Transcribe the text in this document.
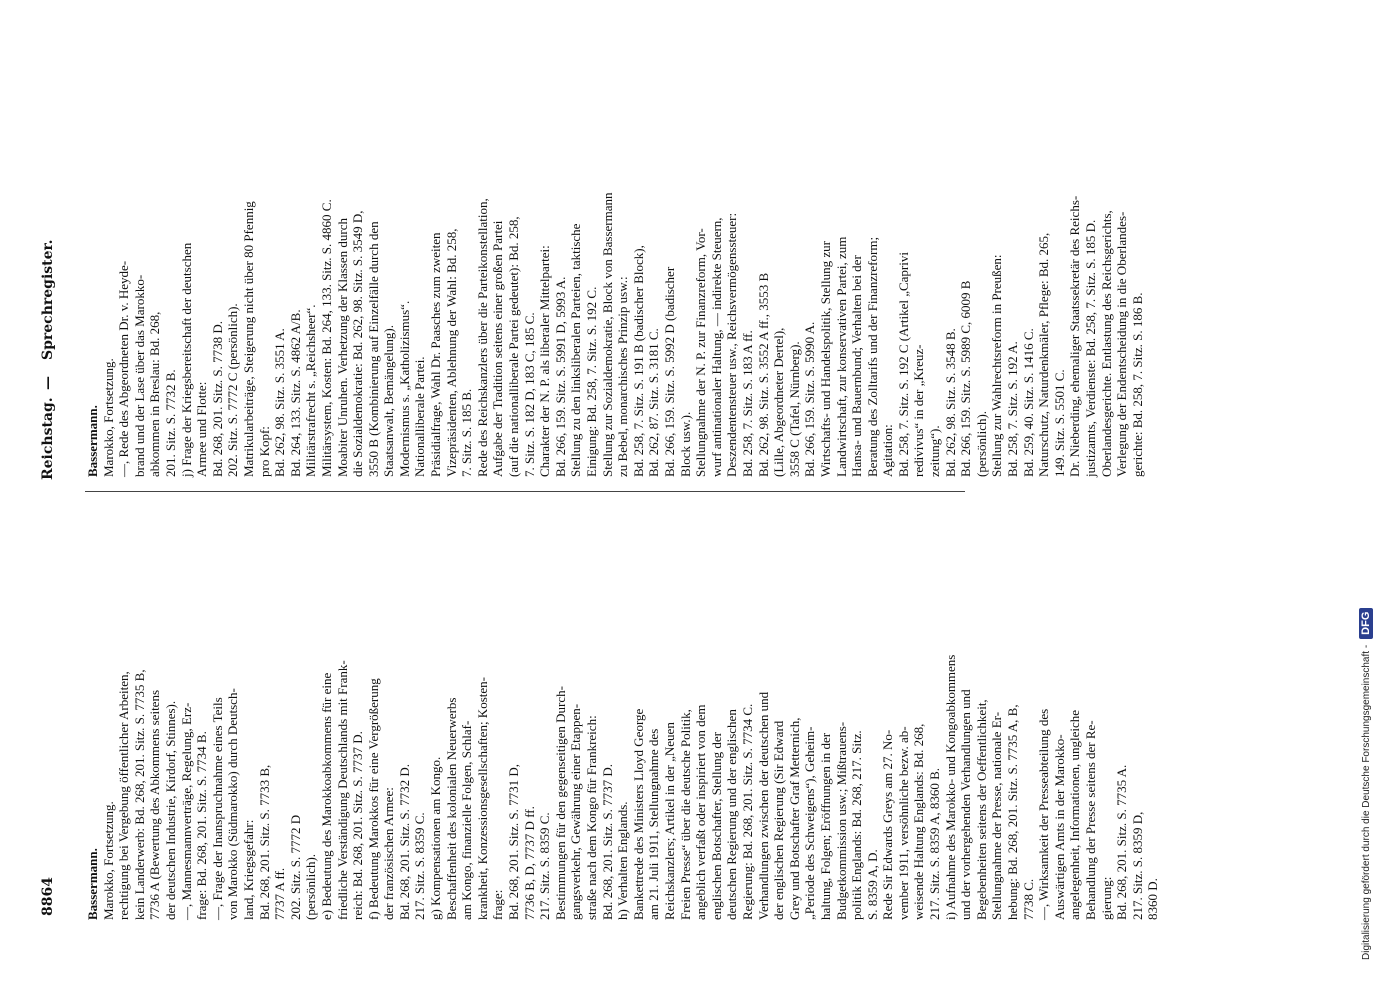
8864
Reichstag.
—
Sprechregister.

Bassermann. Marokko, Fortsetzung. rechtigung bei Vergebung öffentlicher Arbeiten, kein Landerwerb: Bd. 268, 201. Sitz. S. 7735 B, 7736 A (Bewertung des Abkommens seitens der deutschen Industrie, Kirdorf, Stinnes). —, Mannesmannverträge, Regelung, Erz- frage: Bd. 268, 201. Sitz. S. 7734 B. —, Frage der Inanspruchnahme eines Teils von Marokko (Südmarokko) durch Deutsch- land, Kriegsgefahr: Bd. 268, 201. Sitz. S. 7733 B, 7737 A ff. 202. Sitz. S. 7772 D (persönlich). e) Bedeutung des Marokkoabkommens für eine friedliche Verständigung Deutschlands mit Frank- reich: Bd. 268, 201. Sitz. S. 7737 D. f) Bedeutung Marokkos für eine Vergrößerung der französischen Armee: Bd. 268, 201. Sitz. S. 7732 D. 217. Sitz. S. 8359 C. g) Kompensationen am Kongo. Beschaffenheit des kolonialen Neuerwerbs am Kongo, finanzielle Folgen, Schlaf- krankheit, Konzessionsgesellschaften; Kosten- frage: Bd. 268, 201. Sitz. S. 7731 D, 7736 B, D, 7737 D ff. 217. Sitz. S. 8359 C. Bestimmungen für den gegenseitigen Durch- gangsverkehr, Gewährung einer Etappen- straße nach dem Kongo für Frankreich: Bd. 268, 201. Sitz. S. 7737 D. h) Verhalten Englands. Bankettrede des Ministers Lloyd George am 21. Juli 1911, Stellungnahme des Reichskanzlers; Artikel in der „Neuen Freien Presse“ über die deutsche Politik, angeblich verfaßt oder inspiriert von dem englischen Botschafter, Stellung der deutschen Regierung und der englischen Regierung: Bd. 268, 201. Sitz. S. 7734 C. Verhandlungen zwischen der deutschen und der englischen Regierung (Sir Edward Grey und Botschafter Graf Metternich, „Periode des Schweigens“), Geheim- haltung, Folgen; Eröffnungen in der Budgetkommission usw.; Mißtrauens- politik Englands: Bd. 268, 217. Sitz. S. 8359 A, D. Rede Sir Edwards Greys am 27. No- vember 1911, versöhnliche bezw. ab- weisende Haltung Englands: Bd. 268, 217. Sitz. S. 8359 A, 8360 B. i) Aufnahme des Marokko- und Kongoabkommens und der vorhergehenden Verhandlungen und Begebenheiten seitens der Oeffentlichkeit, Stellungnahme der Presse, nationale Er- hebung: Bd. 268, 201. Sitz. S. 7735 A, B, 7738 C. —, Wirksamkeit der Presseabteilung des Auswärtigen Amts in der Marokko- angelegenheit, Informationen, ungleiche Behandlung der Presse seitens der Re- gierung: Bd. 268, 201. Sitz. S. 7735 A. 217. Sitz. S. 8359 D, 8360 D.

Bassermann. Marokko, Fortsetzung. —, Rede des Abgeordneten Dr. v. Heyde- brand und der Lase über das Marokko- abkommen in Breslau: Bd. 268, 201. Sitz. S. 7732 B. j) Frage der Kriegsbereitschaft der deutschen Armee und Flotte: Bd. 268, 201. Sitz. S. 7738 D. 202. Sitz. S. 7772 C (persönlich). Matrikularbeiträge, Steigerung nicht über 80 Pfennig pro Kopf: Bd. 262, 98. Sitz. S. 3551 A. Bd. 264, 133. Sitz. S. 4862 A/B. Militärstrafrecht s. „Reichsheer“. Militärsystem, Kosten: Bd. 264, 133. Sitz. S. 4860 C. Moabiter Unruhen. Verhetzung der Klassen durch die Sozialdemokratie: Bd. 262, 98. Sitz. S. 3549 D, 3550 B (Kombinierung auf Einzelfälle durch den Staatsanwalt, Bemängelung). Modernismus s. „Katholizismus“. Nationalliberale Partei. Präsidialfrage, Wahl Dr. Paasches zum zweiten Vizepräsidenten, Ablehnung der Wahl: Bd. 258, 7. Sitz. S. 185 B. Rede des Reichskanzlers über die Parteikonstellation, Aufgabe der Tradition seitens einer großen Partei (auf die nationalliberale Partei gedeutet): Bd. 258, 7. Sitz. S. 182 D, 183 C, 185 C. Charakter der N. P. als liberaler Mittelpartei: Bd. 266, 159. Sitz. S. 5991 D, 5993 A. Stellung zu den linksliberalen Parteien, taktische Einigung: Bd. 258, 7. Sitz. S. 192 C. Stellung zur Sozialdemokratie, Block von Bassermann zu Bebel, monarchisches Prinzip usw.: Bd. 258, 7. Sitz. S. 191 B (badischer Block), Bd. 262, 87. Sitz. S. 3181 C. Bd. 266, 159. Sitz. S. 5992 D (badischer Block usw.). Stellungnahme der N. P. zur Finanzreform, Vor- wurf antinationaler Haltung, — indirekte Steuern, Deszendentensteuer usw., Reichsvermögenssteuer: Bd. 258, 7. Sitz. S. 183 A ff. Bd. 262, 98. Sitz. S. 3552 A ff., 3553 B (Lille, Abgeordneter Dertel), 3558 C (Tafel, Nürnberg). Bd. 266, 159. Sitz. S. 5990 A. Wirtschafts- und Handelspolitik, Stellung zur Landwirtschaft, zur konservativen Partei, zum Hansa- und Bauernbund; Verhalten bei der Beratung des Zolltarifs und der Finanzreform; Agitation: Bd. 258, 7. Sitz. S. 192 C (Artikel „Caprivi redivivus“ in der „Kreuz- zeitung“). Bd. 262, 98. Sitz. S. 3548 B. Bd. 266, 159. Sitz. S. 5989 C, 6009 B (persönlich). Stellung zur Wahlrechtsreform in Preußen: Bd. 258, 7. Sitz. S. 192 A. Bd. 259, 40. Sitz. S. 1416 C. Naturschutz, Naturdenkmäler, Pflege: Bd. 265, 149. Sitz. S. 5501 C. Dr. Nieberding, ehemaliger Staatssekretär des Reichs- justizamts, Verdienste: Bd. 258, 7. Sitz. S. 185 D. Oberlandesgerichte. Entlastung des Reichsgerichts, Verlegung der Endentscheidung in die Oberlandes- gerichte: Bd. 258, 7. Sitz. S. 186 B.

Digitalisierung gefördert durch die Deutsche Forschungsgemeinschaft -
DFG
